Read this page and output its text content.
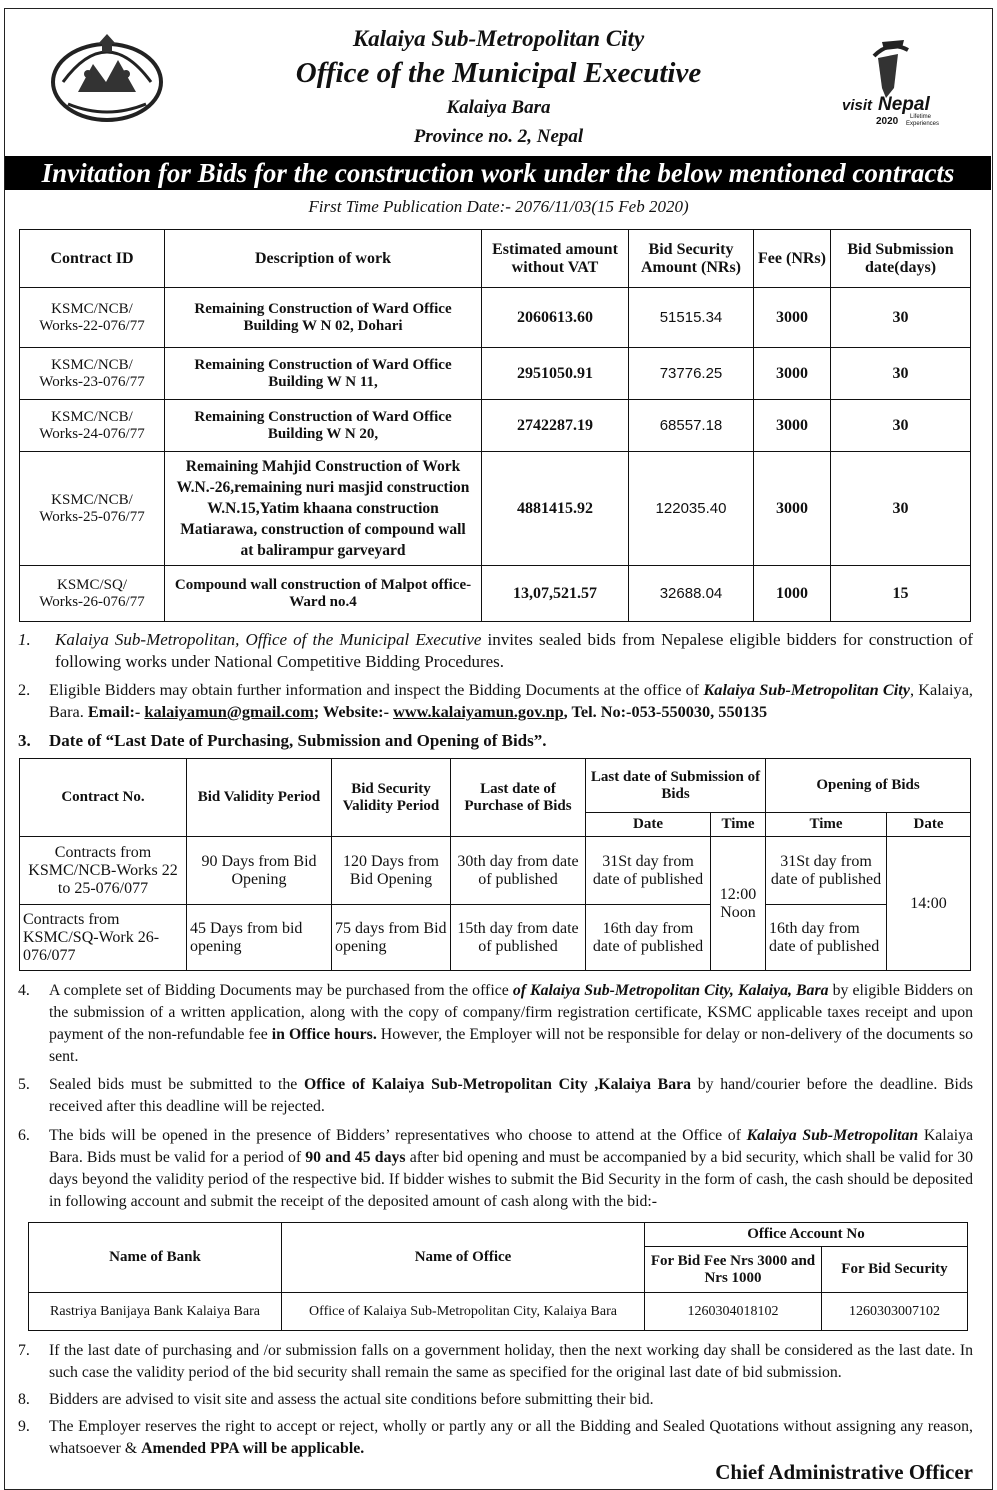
Kalaiya Sub-Metropolitan City
Office of the Municipal Executive
Kalaiya Bara
Province no. 2, Nepal
visit Nepal
2020 Lifetime
Experiences
Invitation for Bids for the construction work under the below mentioned contracts
First Time Publication Date:- 2076/11/03(15 Feb 2020)
Contract ID	Description of work	Estimated amount without VAT	Bid Security Amount (NRs)	Fee (NRs)	Bid Submission date(days)
KSMC/NCB/
Works-22-076/77	Remaining Construction of Ward Office Building W N 02, Dohari	2060613.60	51515.34	3000	30
KSMC/NCB/
Works-23-076/77	Remaining Construction of Ward Office Building W N 11,	2951050.91	73776.25	3000	30
KSMC/NCB/
Works-24-076/77	Remaining Construction of Ward Office Building W N 20,	2742287.19	68557.18	3000	30
KSMC/NCB/
Works-25-076/77	Remaining Mahjid Construction of Work W.N.-26,remaining nuri masjid construction W.N.15,Yatim khaana construction Matiarawa, construction of compound wall at balirampur garveyard	4881415.92	122035.40	3000	30
KSMC/SQ/
Works-26-076/77	Compound wall construction of Malpot office- Ward no.4	13,07,521.57	32688.04	1000	15
1.	Kalaiya Sub-Metropolitan, Office of the Municipal Executive invites sealed bids from Nepalese eligible bidders for construction of following works under National Competitive Bidding Procedures.
2.	Eligible Bidders may obtain further information and inspect the Bidding Documents at the office of Kalaiya Sub-Metropolitan City, Kalaiya, Bara. Email:- kalaiyamun@gmail.com; Website:- www.kalaiyamun.gov.np, Tel. No:-053-550030, 550135
3.	Date of “Last Date of Purchasing, Submission and Opening of Bids”.
Contract No.	Bid Validity Period	Bid Security Validity Period	Last date of Purchase of Bids	Last date of Submission of Bids		Opening of Bids	
				Date	Time	Time	Date
Contracts from KSMC/NCB-Works 22 to 25-076/077	90 Days from Bid Opening	120 Days from Bid Opening	30th day from date of published	31St day from date of published	12:00 Noon	31St day from date of published	14:00
Contracts from KSMC/SQ-Work 26-076/077	45 Days from bid opening	75 days from Bid opening	15th day from date of published	16th day from date of published		16th day from date of published	
4.	A complete set of Bidding Documents may be purchased from the office of Kalaiya Sub-Metropolitan City, Kalaiya, Bara by eligible Bidders on the submission of a written application, along with the copy of company/firm registration certificate, KSMC applicable taxes receipt and upon payment of the non-refundable fee in Office hours. However, the Employer will not be responsible for delay or non-delivery of the documents so sent.
5.	Sealed bids must be submitted to the Office of Kalaiya Sub-Metropolitan City ,Kalaiya Bara by hand/courier before the deadline. Bids received after this deadline will be rejected.
6.	The bids will be opened in the presence of Bidders’ representatives who choose to attend at the Office of Kalaiya Sub-Metropolitan Kalaiya Bara. Bids must be valid for a period of 90 and 45 days after bid opening and must be accompanied by a bid security, which shall be valid for 30 days beyond the validity period of the respective bid. If bidder wishes to submit the Bid Security in the form of cash, the cash should be deposited in following account and submit the receipt of the deposited amount of cash along with the bid:-
Name of Bank	Name of Office	Office Account No	
		For Bid Fee Nrs 3000 and Nrs 1000	For Bid Security
Rastriya Banijaya Bank Kalaiya Bara	Office of Kalaiya Sub-Metropolitan City, Kalaiya Bara	1260304018102	1260303007102
7.	If the last date of purchasing and /or submission falls on a government holiday, then the next working day shall be considered as the last date. In such case the validity period of the bid security shall remain the same as specified for the original last date of bid submission.
8.	Bidders are advised to visit site and assess the actual site conditions before submitting their bid.
9.	The Employer reserves the right to accept or reject, wholly or partly any or all the Bidding and Sealed Quotations without assigning any reason, whatsoever & Amended PPA will be applicable.
Chief Administrative Officer
